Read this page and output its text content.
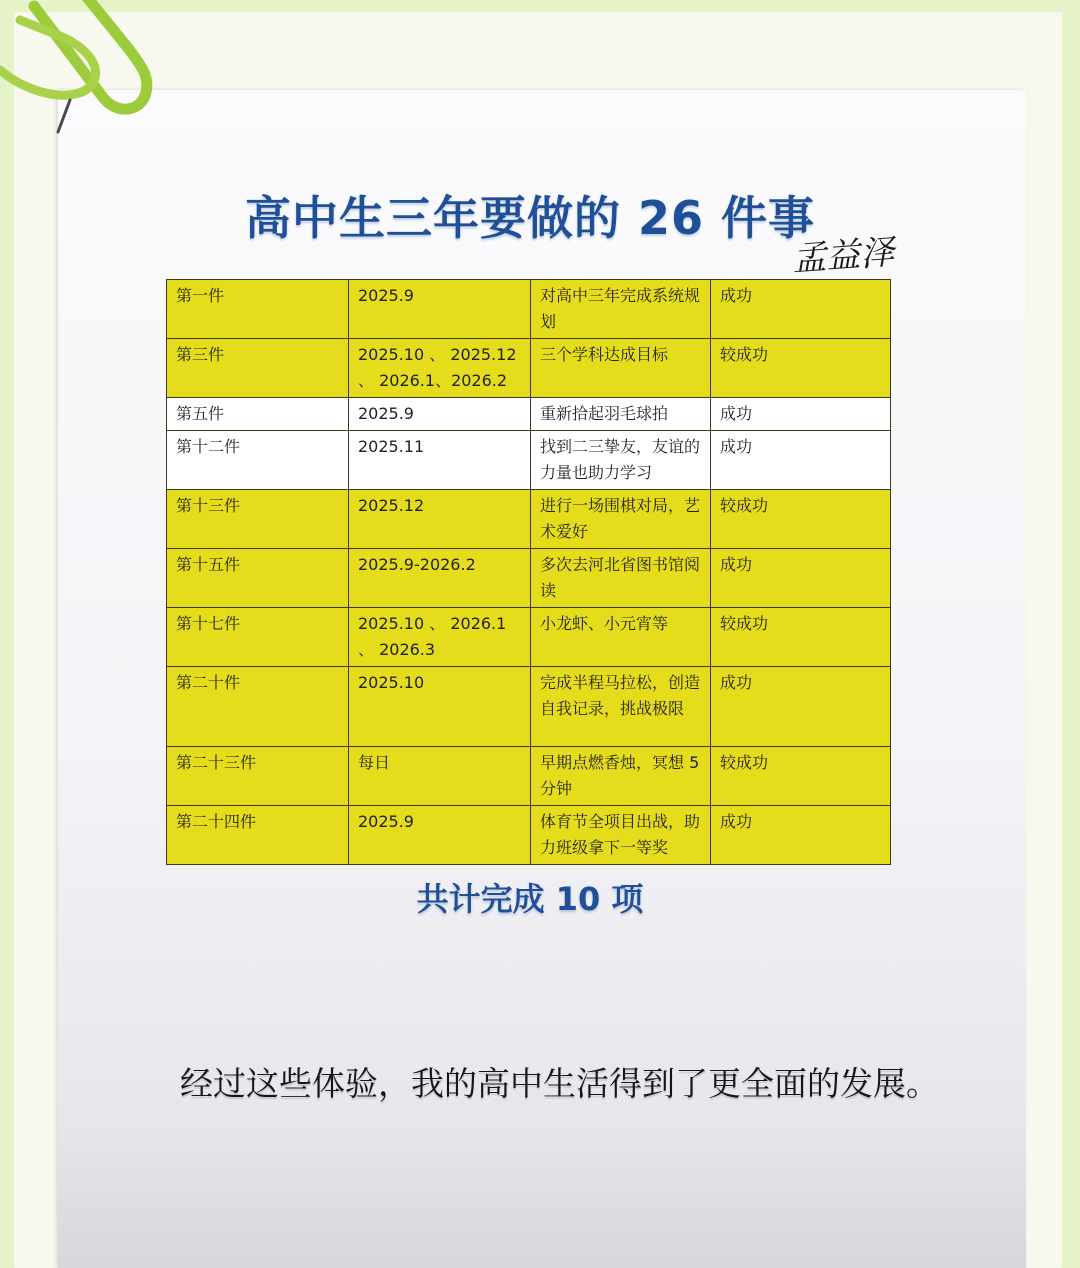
高中生三年要做的 26 件事
孟益泽
第一件	2025.9	对高中三年完成系统规划	成功
第三件	2025.10 、 2025.12 、 2026.1、2026.2	三个学科达成目标	较成功
第五件	2025.9	重新拾起羽毛球拍	成功
第十二件	2025.11	找到二三挚友，友谊的力量也助力学习	成功
第十三件	2025.12	进行一场围棋对局，艺术爱好	较成功
第十五件	2025.9-2026.2	多次去河北省图书馆阅读	成功
第十七件	2025.10 、 2026.1 、 2026.3	小龙虾、小元宵等	较成功
第二十件	2025.10	完成半程马拉松，创造自我记录，挑战极限	成功
第二十三件	每日	早期点燃香烛，冥想 5 分钟	较成功
第二十四件	2025.9	体育节全项目出战，助力班级拿下一等奖	成功
共计完成 10 项
经过这些体验，我的高中生活得到了更全面的发展。
